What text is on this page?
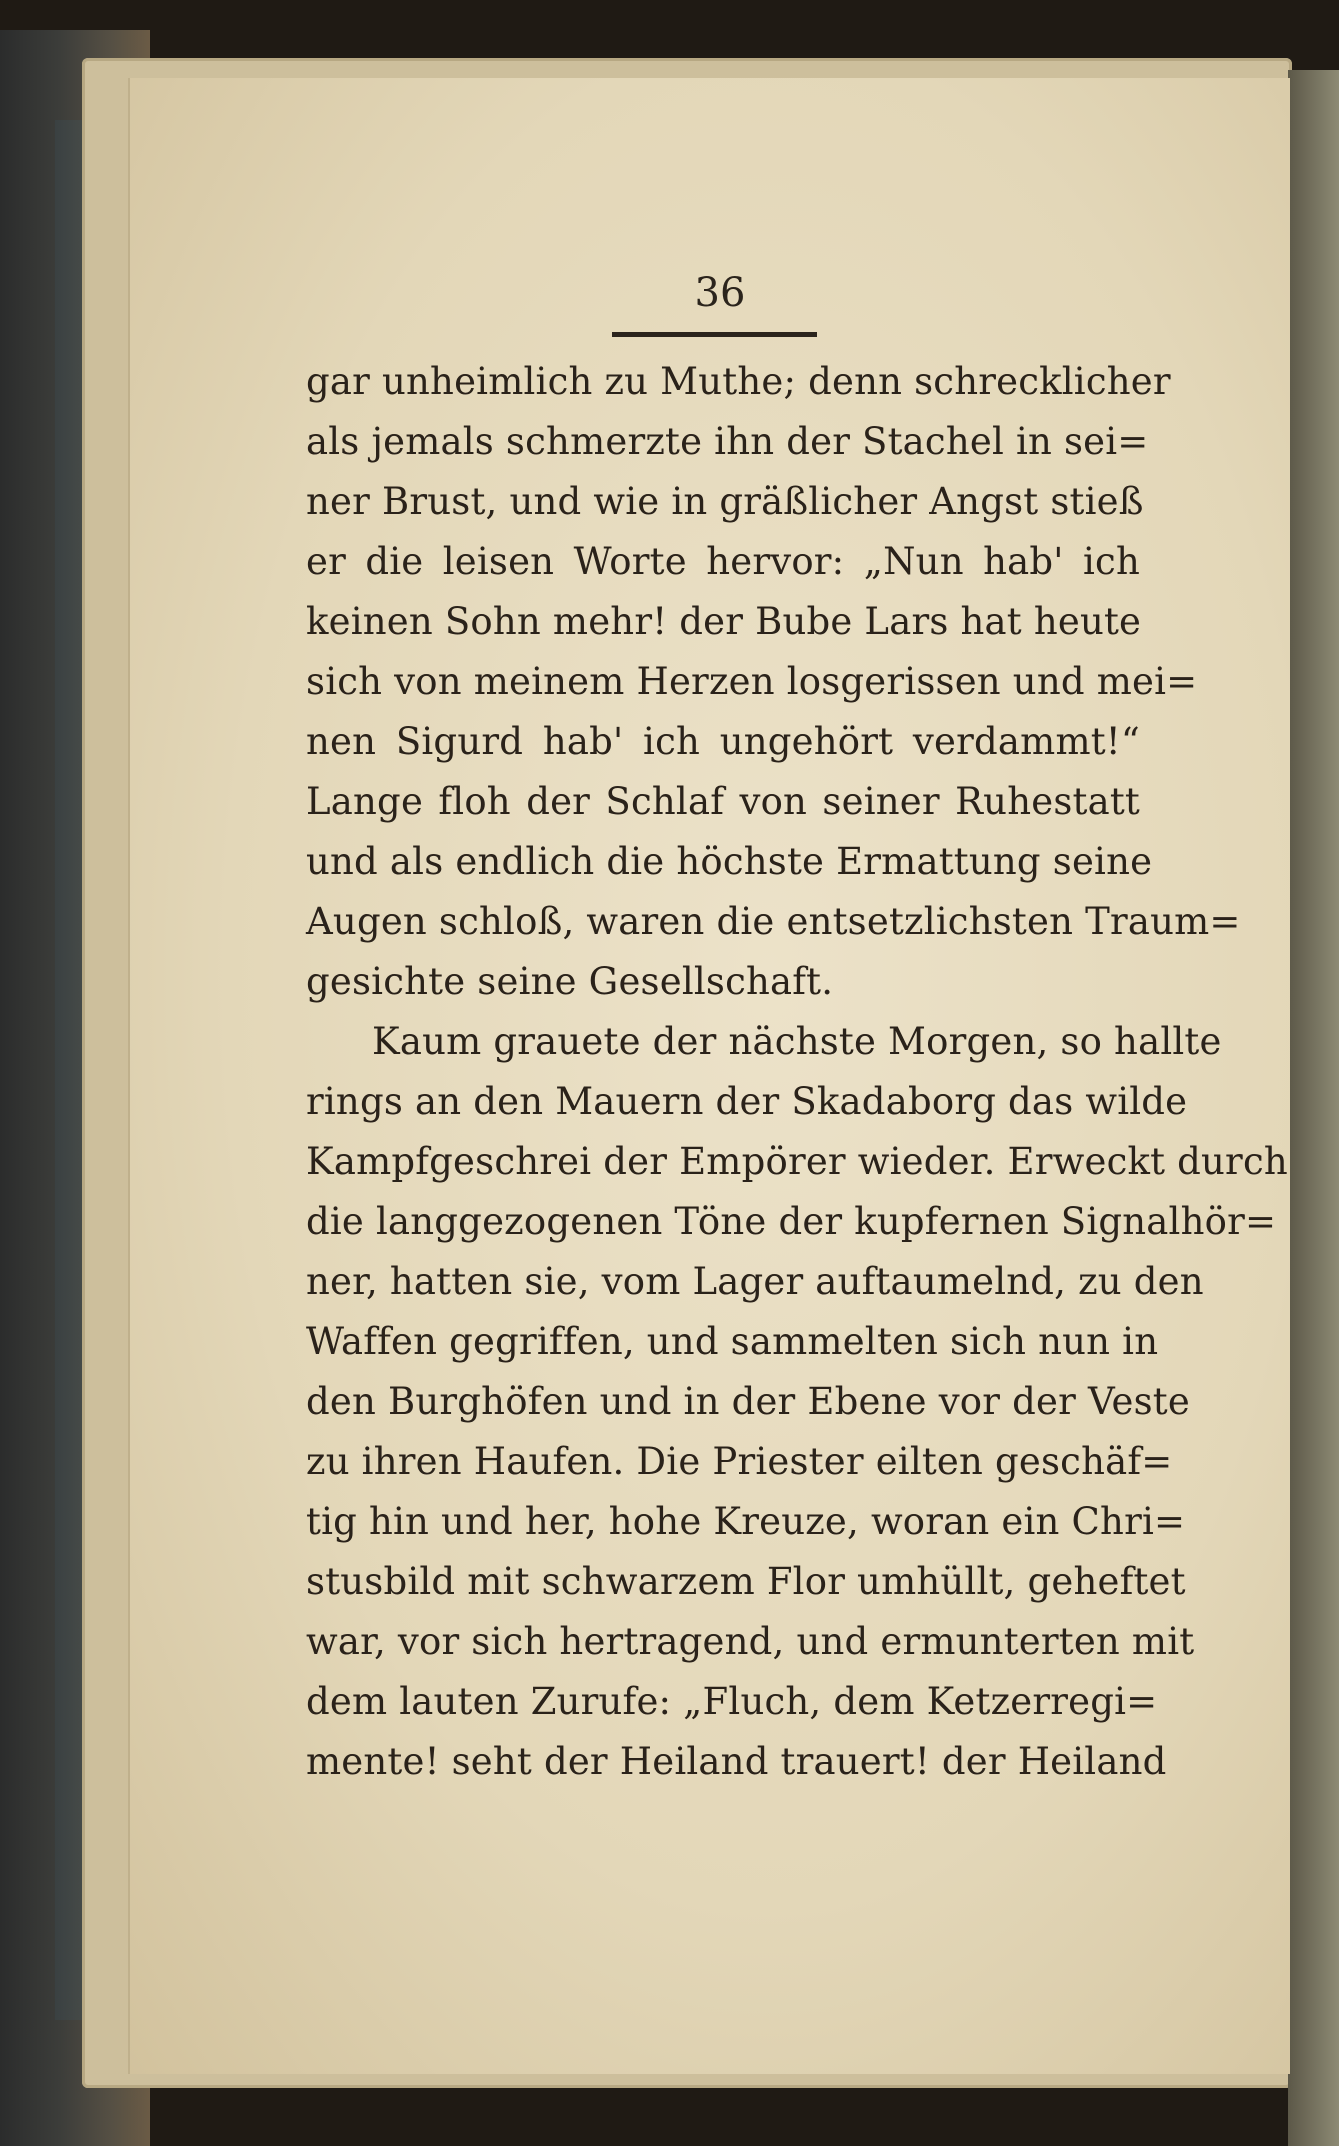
36
gar unheimlich zu Muthe; denn schrecklicher
als jemals schmerzte ihn der Stachel in sei=
ner Brust, und wie in gräßlicher Angst stieß
er die leisen Worte hervor: „Nun hab' ich
keinen Sohn mehr! der Bube Lars hat heute
sich von meinem Herzen losgerissen und mei=
nen Sigurd hab' ich ungehört verdammt!“
Lange floh der Schlaf von seiner Ruhestatt
und als endlich die höchste Ermattung seine
Augen schloß, waren die entsetzlichsten Traum=
gesichte seine Gesellschaft.
Kaum grauete der nächste Morgen, so hallte
rings an den Mauern der Skadaborg das wilde
Kampfgeschrei der Empörer wieder. Erweckt durch
die langgezogenen Töne der kupfernen Signalhör=
ner, hatten sie, vom Lager auftaumelnd, zu den
Waffen gegriffen, und sammelten sich nun in
den Burghöfen und in der Ebene vor der Veste
zu ihren Haufen. Die Priester eilten geschäf=
tig hin und her, hohe Kreuze, woran ein Chri=
stusbild mit schwarzem Flor umhüllt, geheftet
war, vor sich hertragend, und ermunterten mit
dem lauten Zurufe: „Fluch, dem Ketzerregi=
mente! seht der Heiland trauert! der Heiland
